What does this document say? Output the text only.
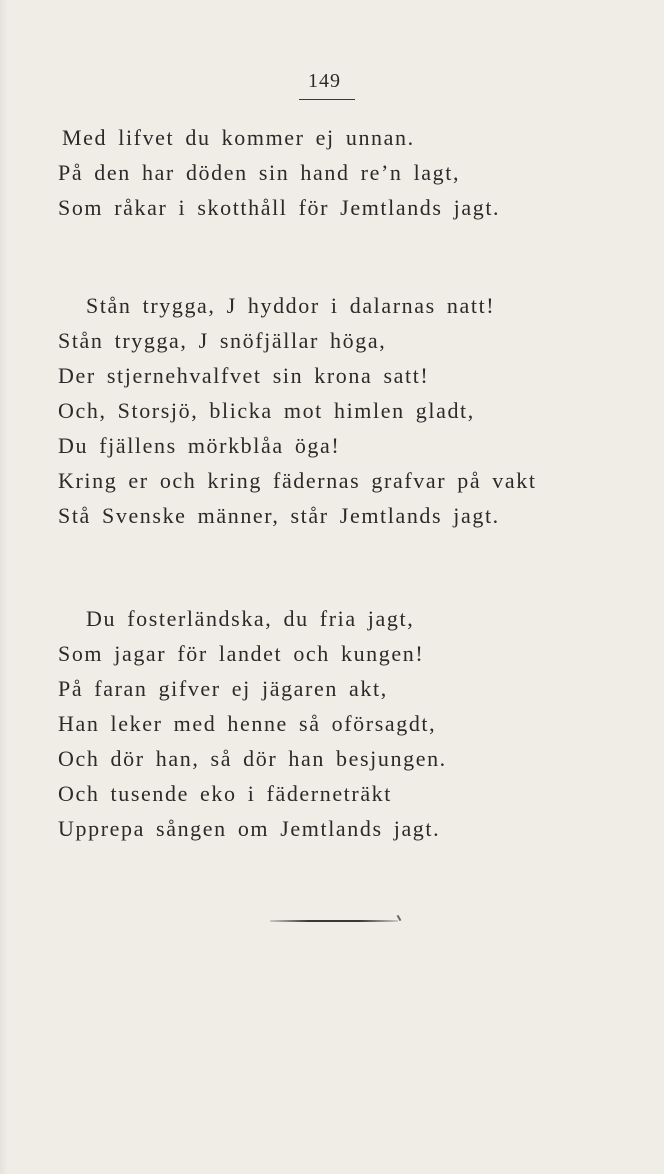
149
Med lifvet du kommer ej unnan.
På den har döden sin hand re’n lagt,
Som råkar i skotthåll för Jemtlands jagt.
Stån trygga, J hyddor i dalarnas natt!
Stån trygga, J snöfjällar höga,
Der stjernehvalfvet sin krona satt!
Och, Storsjö, blicka mot himlen gladt,
Du fjällens mörkblåa öga!
Kring er och kring fädernas grafvar på vakt
Stå Svenske männer, står Jemtlands jagt.
Du fosterländska, du fria jagt,
Som jagar för landet och kungen!
På faran gifver ej jägaren akt,
Han leker med henne så oförsagdt,
Och dör han, så dör han besjungen.
Och tusende eko i fäderneträkt
Upprepa sången om Jemtlands jagt.
